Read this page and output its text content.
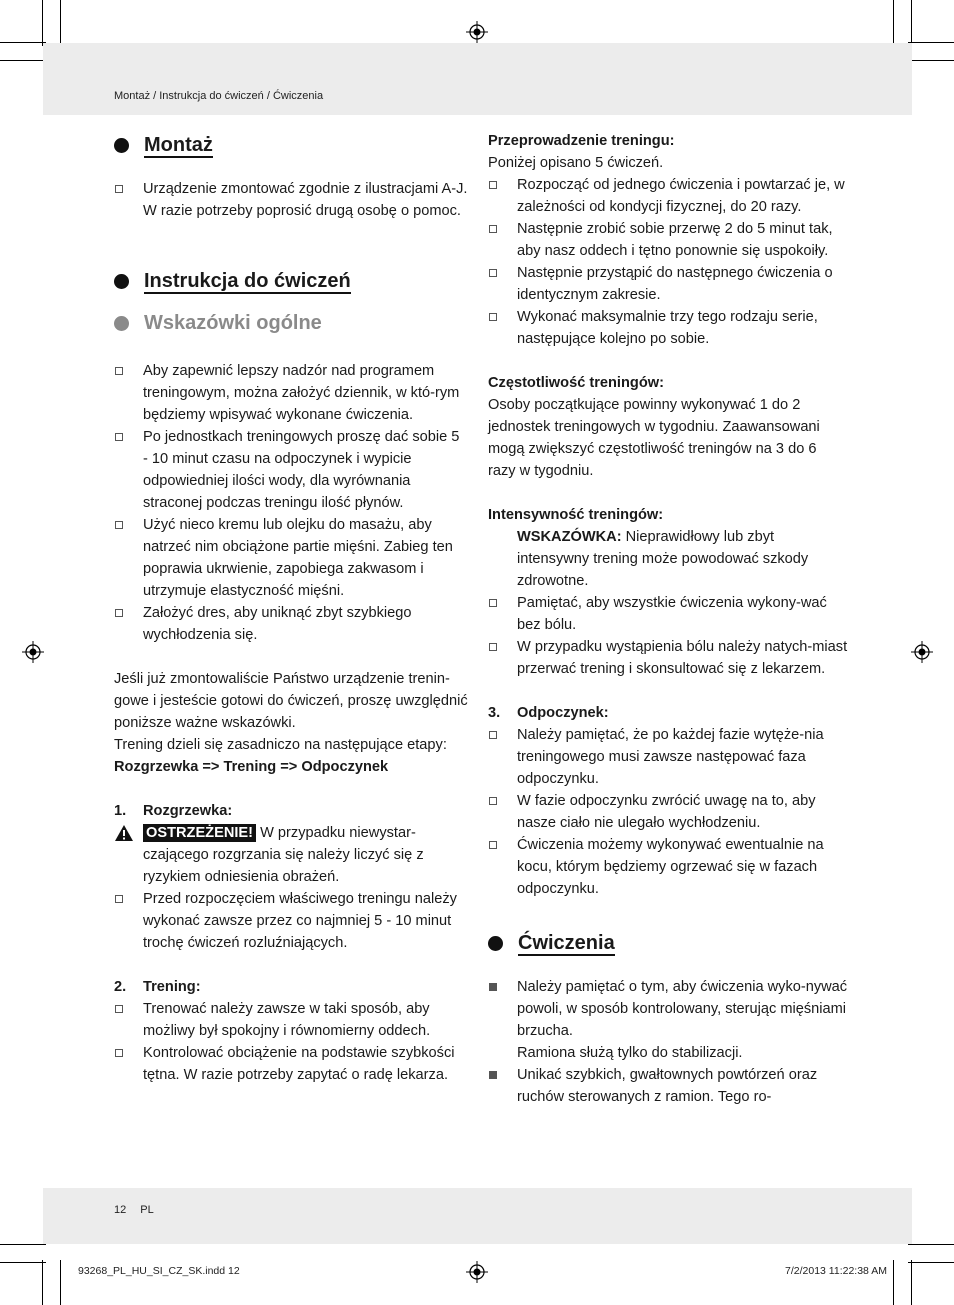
Montaż / Instrukcja do ćwiczeń / Ćwiczenia
Montaż
Urządzenie zmontować zgodnie z ilustracjami A-J.
W razie potrzeby poprosić drugą osobę o pomoc.
Instrukcja do ćwiczeń
Wskazówki ogólne
Aby zapewnić lepszy nadzór nad programem treningowym, można założyć dziennik, w któ-rym będziemy wpisywać wykonane ćwiczenia.
Po jednostkach treningowych proszę dać sobie 5 - 10 minut czasu na odpoczynek i wypicie odpowiedniej ilości wody, dla wyrównania straconej podczas treningu ilość płynów.
Użyć nieco kremu lub olejku do masażu, aby natrzeć nim obciążone partie mięśni. Zabieg ten poprawia ukrwienie, zapobiega zakwasom i utrzymuje elastyczność mięśni.
Założyć dres, aby uniknąć zbyt szybkiego wychłodzenia się.
Jeśli już zmontowaliście Państwo urządzenie trenin-gowe i jesteście gotowi do ćwiczeń, proszę uwzględnić poniższe ważne wskazówki.
Trening dzieli się zasadniczo na następujące etapy:
Rozgrzewka => Trening => Odpoczynek
1. Rozgrzewka:
OSTRZEŻENIE! W przypadku niewystar-czającego rozgrzania się należy liczyć się z ryzykiem odniesienia obrażeń.
Przed rozpoczęciem właściwego treningu należy wykonać zawsze przez co najmniej 5 - 10 minut trochę ćwiczeń rozluźniających.
2. Trening:
Trenować należy zawsze w taki sposób, aby możliwy był spokojny i równomierny oddech.
Kontrolować obciążenie na podstawie szybkości tętna. W razie potrzeby zapytać o radę lekarza.
Przeprowadzenie treningu:
Poniżej opisano 5 ćwiczeń.
Rozpocząć od jednego ćwiczenia i powtarzać je, w zależności od kondycji fizycznej, do 20 razy.
Następnie zrobić sobie przerwę 2 do 5 minut tak, aby nasz oddech i tętno ponownie się uspokoiły.
Następnie przystąpić do następnego ćwiczenia o identycznym zakresie.
Wykonać maksymalnie trzy tego rodzaju serie, następujące kolejno po sobie.
Częstotliwość treningów:
Osoby początkujące powinny wykonywać 1 do 2 jednostek treningowych w tygodniu. Zaawansowani mogą zwiększyć częstotliwość treningów na 3 do 6 razy w tygodniu.
Intensywność treningów:
WSKAZÓWKA: Nieprawidłowy lub zbyt intensywny trening może powodować szkody zdrowotne.
Pamiętać, aby wszystkie ćwiczenia wykony-wać bez bólu.
W przypadku wystąpienia bólu należy natych-miast przerwać trening i skonsultować się z lekarzem.
3. Odpoczynek:
Należy pamiętać, że po każdej fazie wytęże-nia treningowego musi zawsze następować faza odpoczynku.
W fazie odpoczynku zwrócić uwagę na to, aby nasze ciało nie ulegało wychłodzeniu.
Ćwiczenia możemy wykonywać ewentualnie na kocu, którym będziemy ogrzewać się w fazach odpoczynku.
Ćwiczenia
Należy pamiętać o tym, aby ćwiczenia wyko-nywać powoli, w sposób kontrolowany, sterując mięśniami brzucha.
Ramiona służą tylko do stabilizacji.
Unikać szybkich, gwałtownych powtórzeń oraz ruchów sterowanych z ramion. Tego ro-
12 PL
93268_PL_HU_SI_CZ_SK.indd 12	7/2/2013 11:22:38 AM
